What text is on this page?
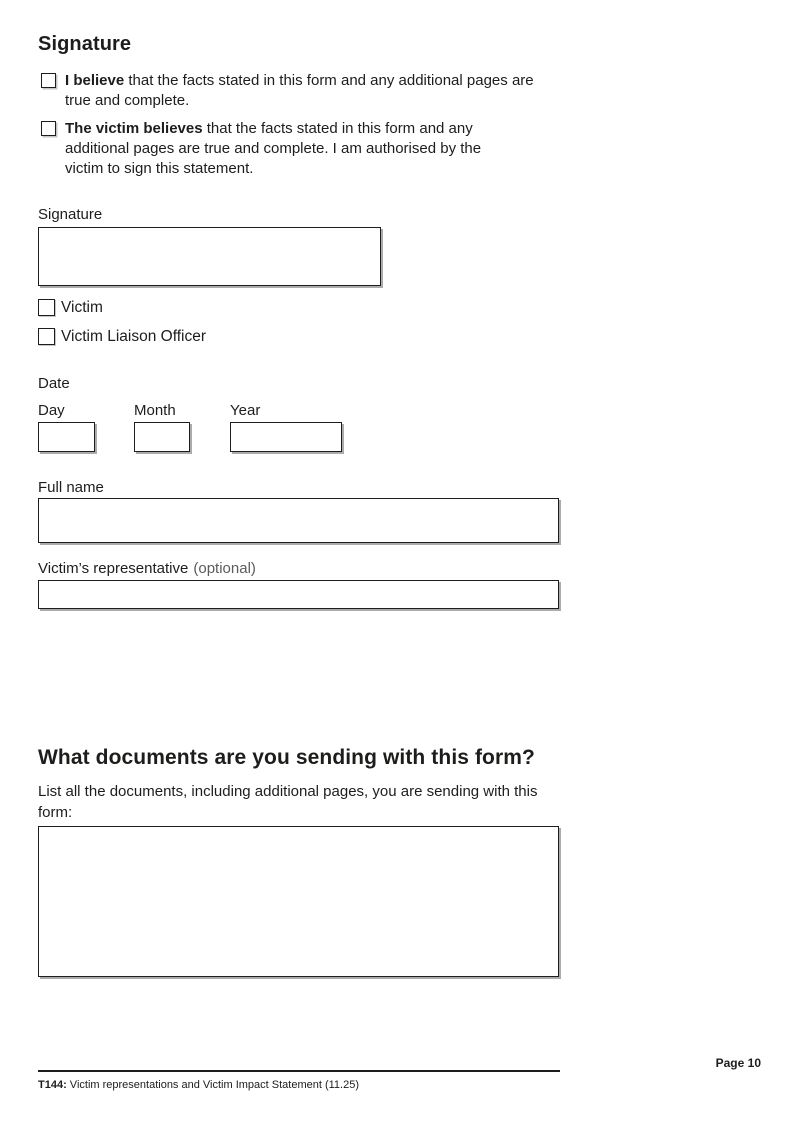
Signature

I believe that the facts stated in this form and any additional pages are true and complete.

The victim believes that the facts stated in this form and any additional pages are true and complete. I am authorised by the victim to sign this statement.

Signature
Victim
Victim Liaison Officer
Date
Day	Month	Year
Full name
Victim’s representative (optional)
What documents are you sending with this form?

List all the documents, including additional pages, you are sending with this form:

Page 10
T144: Victim representations and Victim Impact Statement (11.25)
